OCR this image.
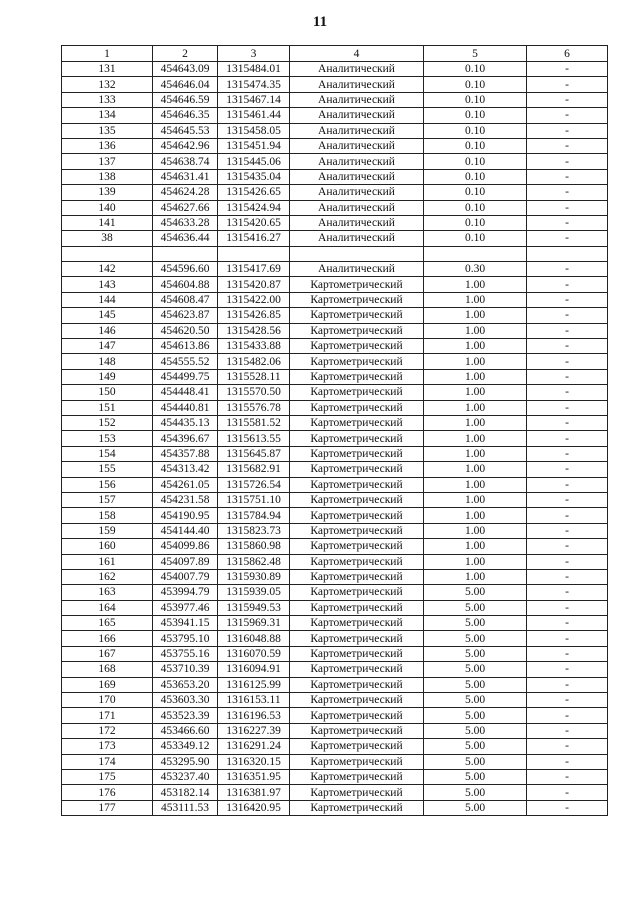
11
1	2	3	4	5	6
131	454643.09	1315484.01	Аналитический	0.10	-
132	454646.04	1315474.35	Аналитический	0.10	-
133	454646.59	1315467.14	Аналитический	0.10	-
134	454646.35	1315461.44	Аналитический	0.10	-
135	454645.53	1315458.05	Аналитический	0.10	-
136	454642.96	1315451.94	Аналитический	0.10	-
137	454638.74	1315445.06	Аналитический	0.10	-
138	454631.41	1315435.04	Аналитический	0.10	-
139	454624.28	1315426.65	Аналитический	0.10	-
140	454627.66	1315424.94	Аналитический	0.10	-
141	454633.28	1315420.65	Аналитический	0.10	-
38	454636.44	1315416.27	Аналитический	0.10	-

142	454596.60	1315417.69	Аналитический	0.30	-
143	454604.88	1315420.87	Картометрический	1.00	-
144	454608.47	1315422.00	Картометрический	1.00	-
145	454623.87	1315426.85	Картометрический	1.00	-
146	454620.50	1315428.56	Картометрический	1.00	-
147	454613.86	1315433.88	Картометрический	1.00	-
148	454555.52	1315482.06	Картометрический	1.00	-
149	454499.75	1315528.11	Картометрический	1.00	-
150	454448.41	1315570.50	Картометрический	1.00	-
151	454440.81	1315576.78	Картометрический	1.00	-
152	454435.13	1315581.52	Картометрический	1.00	-
153	454396.67	1315613.55	Картометрический	1.00	-
154	454357.88	1315645.87	Картометрический	1.00	-
155	454313.42	1315682.91	Картометрический	1.00	-
156	454261.05	1315726.54	Картометрический	1.00	-
157	454231.58	1315751.10	Картометрический	1.00	-
158	454190.95	1315784.94	Картометрический	1.00	-
159	454144.40	1315823.73	Картометрический	1.00	-
160	454099.86	1315860.98	Картометрический	1.00	-
161	454097.89	1315862.48	Картометрический	1.00	-
162	454007.79	1315930.89	Картометрический	1.00	-
163	453994.79	1315939.05	Картометрический	5.00	-
164	453977.46	1315949.53	Картометрический	5.00	-
165	453941.15	1315969.31	Картометрический	5.00	-
166	453795.10	1316048.88	Картометрический	5.00	-
167	453755.16	1316070.59	Картометрический	5.00	-
168	453710.39	1316094.91	Картометрический	5.00	-
169	453653.20	1316125.99	Картометрический	5.00	-
170	453603.30	1316153.11	Картометрический	5.00	-
171	453523.39	1316196.53	Картометрический	5.00	-
172	453466.60	1316227.39	Картометрический	5.00	-
173	453349.12	1316291.24	Картометрический	5.00	-
174	453295.90	1316320.15	Картометрический	5.00	-
175	453237.40	1316351.95	Картометрический	5.00	-
176	453182.14	1316381.97	Картометрический	5.00	-
177	453111.53	1316420.95	Картометрический	5.00	-
